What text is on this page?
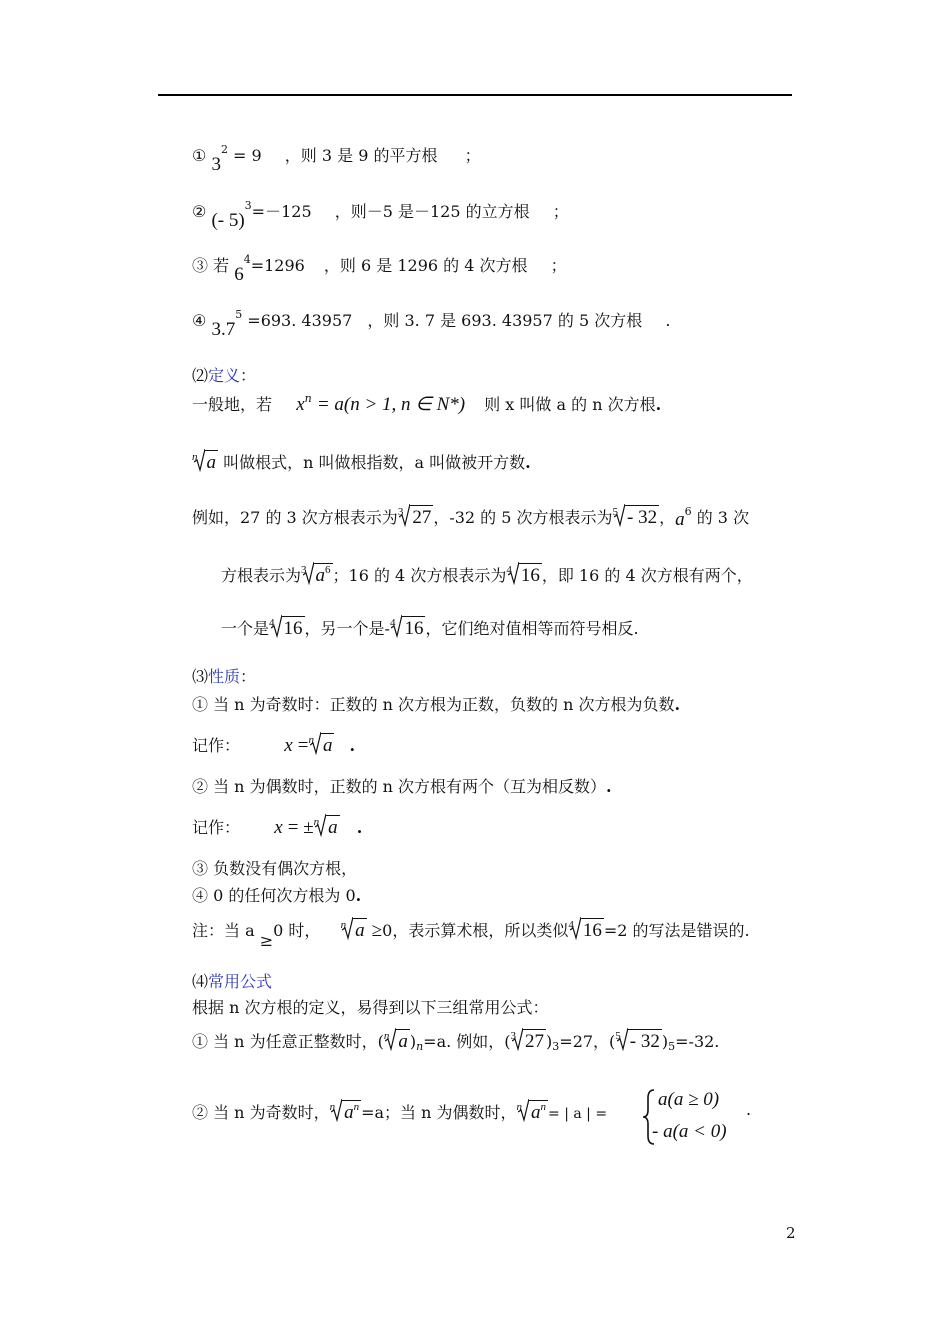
① $3^2 = 9$ ，则 3 是 9 的平方根 ；
② (- 5)$^3$=－125 ，则－5 是－125 的立方根 ；
③ 若 $6^4=1296$ ，则 6 是 1296 的 4 次方根 ；
④ $3.7^5 =693$. 43957 ，则 3. 7 是 693. 43957 的 5 次方根 .
⑵定义：
一般地，若 $x^n = a(n > 1$, n ∈ N*) 则 x 叫做 a 的 n 次方根.
$^n$ a 叫做根式，n 叫做根指数，a 叫做被开方数.
例如，27 的 3 次方根表示为$^3$ 27 ，-32 的 5 次方根表示为$^5$ - 32 ，$a^6$ 的 3 次
方根表示为$^3$ $a^6$ ；16 的 4 次方根表示为$^4$ 16 ，即 16 的 4 次方根有两个，
一个是$^4$ 16 ，另一个是-$^4$ 16 ，它们绝对值相等而符号相反.
⑶性质：
① 当 n 为奇数时：正数的 n 次方根为正数，负数的 n 次方根为负数.
记作： x =$^n$ a .
② 当 n 为偶数时，正数的 n 次方根有两个（互为相反数）.
记作： x = ±$^n$ a .
③ 负数没有偶次方根，
④ 0 的任何次方根为 0.
注：当 a ≥0 时， $^n$ a ≥0，表示算术根，所以类似$^4$ 16 =2 的写法是错误的.
⑷常用公式
根据 n 次方根的定义，易得到以下三组常用公式：
① 当 n 为任意正整数时，($^n$ a )n=a. 例如，($^3$ 27 )3=27，($^5$ - 32 )5=-32.
② 当 n 为奇数时，$^n$ $a^n =a$；当 n 为偶数时，$^n$ $a^n$ = | a | =
a(a ≥ 0)
- a(a < 0)
.
2
